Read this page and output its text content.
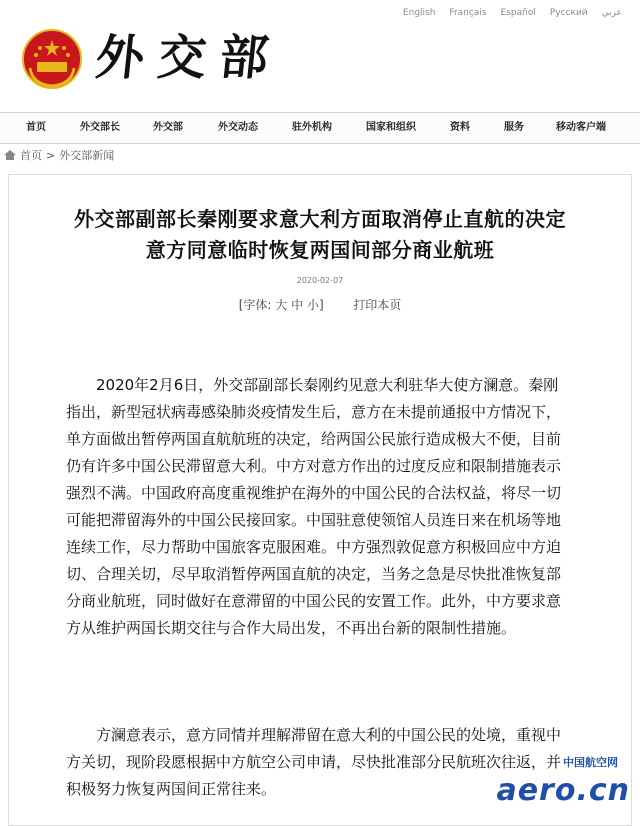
English Français Español Русский عربي
外交部
首页	外交部长	外交部	外交动态	驻外机构	国家和组织	资料	服务	移动客户端
首页 > 外交部新闻
外交部副部长秦刚要求意大利方面取消停止直航的决定
意方同意临时恢复两国间部分商业航班
2020-02-07
[字体: 大 中 小] 打印本页
　　2020年2月6日，外交部副部长秦刚约见意大利驻华大使方澜意。秦刚
指出，新型冠状病毒感染肺炎疫情发生后，意方在未提前通报中方情况下，
单方面做出暂停两国直航航班的决定，给两国公民旅行造成极大不便，目前
仍有许多中国公民滞留意大利。中方对意方作出的过度反应和限制措施表示
强烈不满。中国政府高度重视维护在海外的中国公民的合法权益，将尽一切
可能把滞留海外的中国公民接回家。中国驻意使领馆人员连日来在机场等地
连续工作，尽力帮助中国旅客克服困难。中方强烈敦促意方积极回应中方迫
切、合理关切，尽早取消暂停两国直航的决定，当务之急是尽快批准恢复部
分商业航班，同时做好在意滞留的中国公民的安置工作。此外，中方要求意
方从维护两国长期交往与合作大局出发，不再出台新的限制性措施。
　　方澜意表示，意方同情并理解滞留在意大利的中国公民的处境，重视中
方关切，现阶段愿根据中方航空公司申请，尽快批准部分民航班次往返，并
积极努力恢复两国间正常往来。
中国航空网
aero.cn
